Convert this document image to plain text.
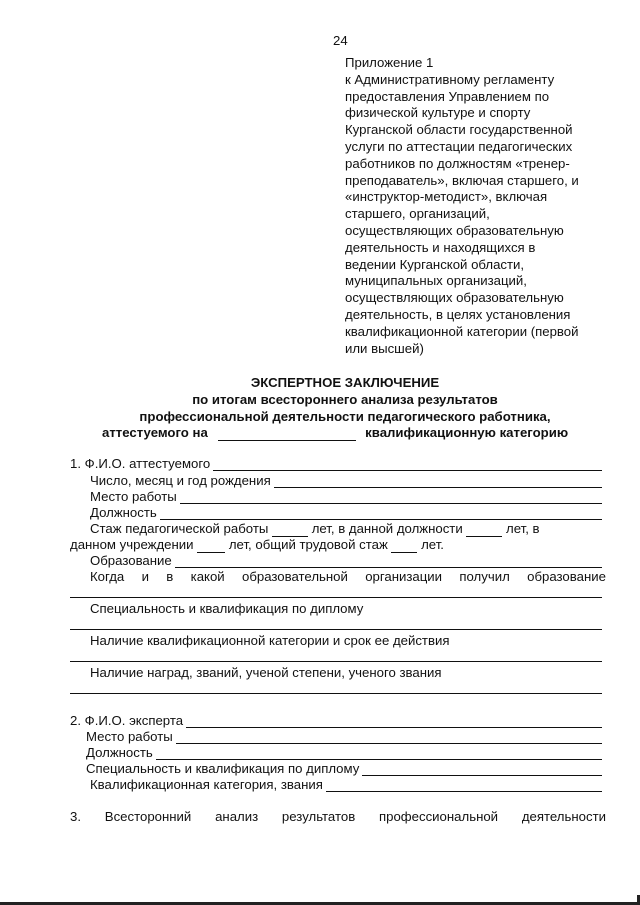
24
Приложение 1
к Административному регламенту
предоставления Управлением по
физической культуре и спорту
Курганской области государственной
услуги по аттестации педагогических
работников по должностям «тренер-
преподаватель», включая старшего, и
«инструктор-методист», включая
старшего, организаций,
осуществляющих образовательную
деятельность и находящихся в
ведении Курганской области,
муниципальных организаций,
осуществляющих образовательную
деятельность, в целях установления
квалификационной категории (первой
или высшей)
ЭКСПЕРТНОЕ ЗАКЛЮЧЕНИЕ
по итогам всестороннего анализа результатов
профессиональной деятельности педагогического работника,
аттестуемого на	квалификационную категорию
1. Ф.И.О. аттестуемого
Число, месяц и год рождения
Место работы
Должность
Стаж педагогической работы	лет, в данной должности	лет, в
данном учреждении	лет, общий трудовой стаж	лет.
Образование
Когда и в какой образовательной организации получил образование
Специальность и квалификация по диплому
Наличие квалификационной категории и срок ее действия
Наличие наград, званий, ученой степени, ученого звания
2. Ф.И.О. эксперта
Место работы
Должность
Специальность и квалификация по диплому
Квалификационная категория, звания
3. Всесторонний анализ результатов профессиональной деятельности
